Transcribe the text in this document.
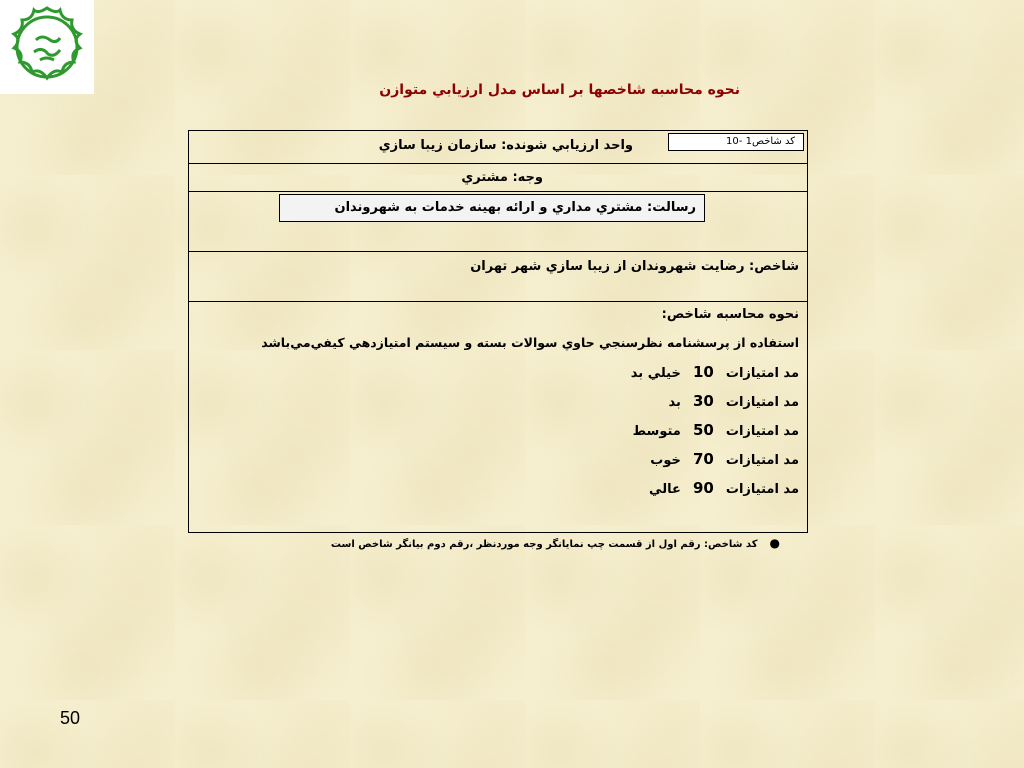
نحوه محاسبه شاخصها بر اساس مدل ارزيابي متوازن
كد شاخص1 -10
واحد ارزيابي شونده: سازمان زيبا سازي
وجه: مشتري
رسالت: مشتري مداري و ارائه بهينه خدمات به شهروندان
شاخص: رضايت شهروندان از زيبا سازي شهر تهران
نحوه محاسبه شاخص:
استفاده از پرسشنامه نظرسنجي حاوي سوالات بسته و سيستم امتيازدهي كيفي‌مي‌باشد
مد امتيازات 10 خيلي بد
مد امتيازات 30 بد
مد امتيازات 50 متوسط
مد امتيازات 70 خوب
مد امتيازات 90 عالي
●كد شاخص: رقم اول از قسمت چپ نمايانگر وجه موردنظر ،رقم دوم بيانگر شاخص است
50
